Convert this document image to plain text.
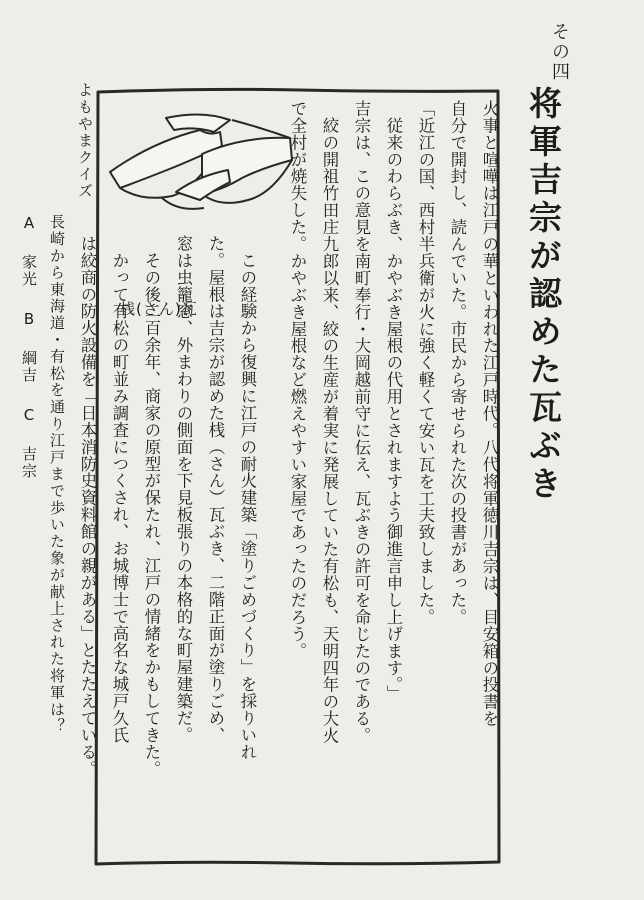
その四
将軍吉宗が認めた瓦ぶき
火事と喧嘩は江戸の華といわれた江戸時代。八代将軍徳川吉宗は、目安箱の投書を
自分で開封し、読んでいた。市民から寄せられた次の投書があった。
「近江の国、西村半兵衛が火に強く軽くて安い瓦を工夫致しました。
　従来のわらぶき、かやぶき屋根の代用とされますよう御進言申し上げます。」
吉宗は、この意見を南町奉行・大岡越前守に伝え、瓦ぶきの許可を命じたのである。
　絞の開祖竹田庄九郎以来、絞の生産が着実に発展していた有松も、天明四年の大火
で全村が焼失した。かやぶき屋根など燃えやすい家屋であったのだろう。
　この経験から復興に江戸の耐火建築「塗りごめづくり」を採りいれ
た。屋根は吉宗が認めた桟（さん）瓦ぶき、二階正面が塗りごめ、
窓は虫籠窓、外まわりの側面を下見板張りの本格的な町屋建築だ。
　その後二百余年、商家の原型が保たれ、江戸の情緒をかもしてきた。
　かって有松の町並み調査につくされ、お城博士で高名な城戸久氏
は絞商の防火設備を「日本消防史資料館の親がある」とたたえている。 桟(さん)瓦
よもやまクイズ
長崎から東海道・有松を通り江戸まで歩いた象が献上された将軍は？
A 家光
B 綱吉
C 吉宗
